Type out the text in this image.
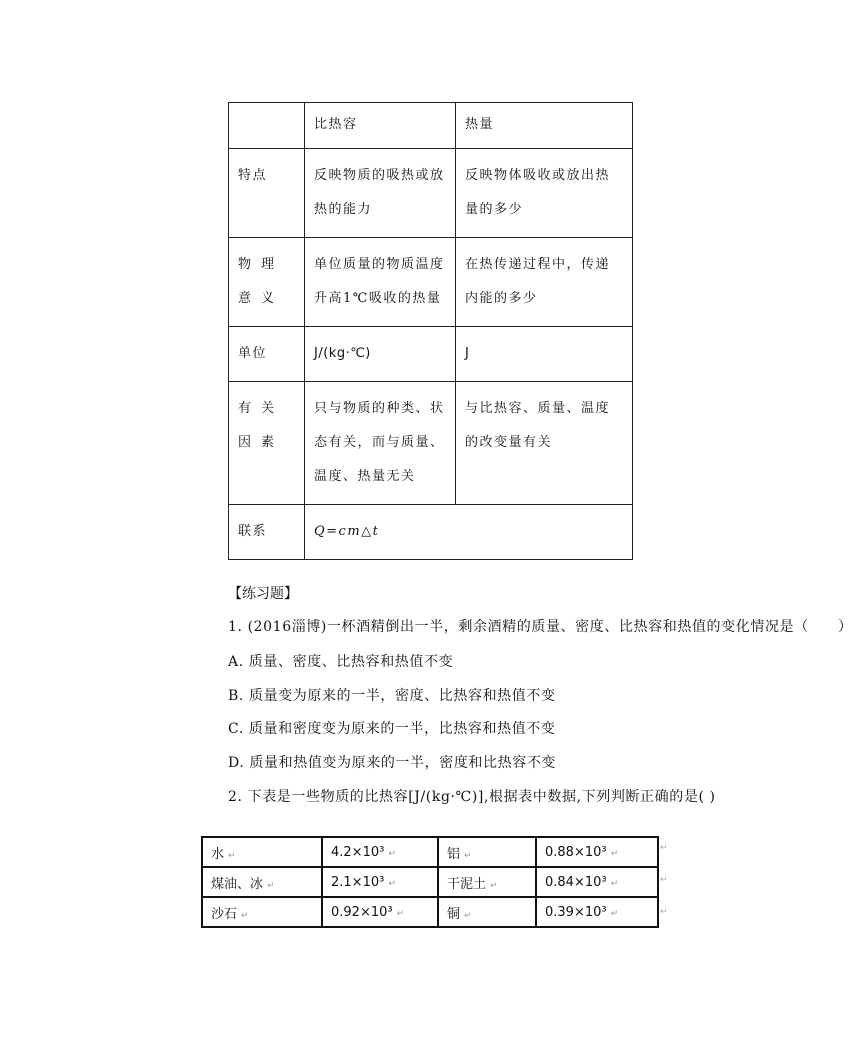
	比热容	热量
特点	反映物质的吸热或放热的能力	反映物体吸收或放出热量的多少
物理意义	单位质量的物质温度升高1℃吸收的热量	在热传递过程中，传递内能的多少
单位	J/(kg·℃)	J
有关因素	只与物质的种类、状态有关，而与质量、温度、热量无关	与比热容、质量、温度的改变量有关
联系	Q=cm△t	
【练习题】
1. (2016淄博)一杯酒精倒出一半，剩余酒精的质量、密度、比热容和热值的变化情况是（　　）
A. 质量、密度、比热容和热值不变
B. 质量变为原来的一半，密度、比热容和热值不变
C. 质量和密度变为原来的一半，比热容和热值不变
D. 质量和热值变为原来的一半，密度和比热容不变
2. 下表是一些物质的比热容[J/(kg·℃)],根据表中数据,下列判断正确的是( )
水 ↵	4.2×10³ ↵	铝 ↵	0.88×10³ ↵
煤油、冰 ↵	2.1×10³ ↵	干泥土 ↵	0.84×10³ ↵
沙石 ↵	0.92×10³ ↵	铜 ↵	0.39×10³ ↵
↵
↵
↵
